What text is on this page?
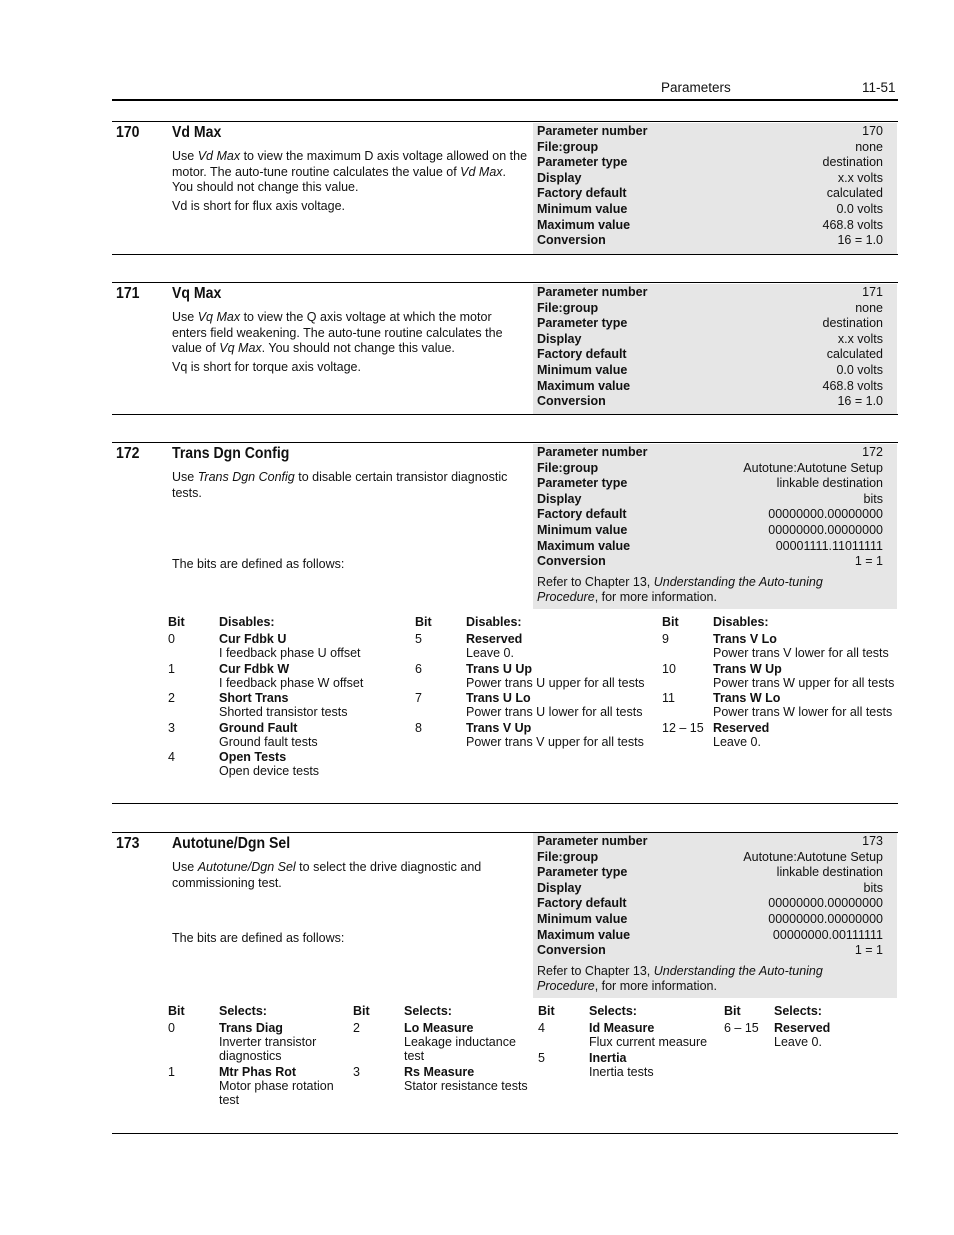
Parameters	11-51
170 Vd Max

Use Vd Max to view the maximum D axis voltage allowed on the motor. The auto-tune routine calculates the value of Vd Max. You should not change this value.

Vd is short for flux axis voltage.

Parameter number	170
File:group	none
Parameter type	destination
Display	x.x volts
Factory default	calculated
Minimum value	0.0 volts
Maximum value	468.8 volts
Conversion	16 = 1.0
171 Vq Max

Use Vq Max to view the Q axis voltage at which the motor enters field weakening. The auto-tune routine calculates the value of Vq Max. You should not change this value.

Vq is short for torque axis voltage.

Parameter number	171
File:group	none
Parameter type	destination
Display	x.x volts
Factory default	calculated
Minimum value	0.0 volts
Maximum value	468.8 volts
Conversion	16 = 1.0
172 Trans Dgn Config

Use Trans Dgn Config to disable certain transistor diagnostic tests.

The bits are defined as follows:
Parameter number	172
File:group	Autotune:Autotune Setup
Parameter type	linkable destination
Display	bits
Factory default	00000000.00000000
Minimum value	00000000.00000000
Maximum value	00001111.11011111
Conversion	1 = 1
Refer to Chapter 13, Understanding the Auto-tuning Procedure, for more information.
Bit	Disables:
0	Cur Fdbk U
I feedback phase U offset
1	Cur Fdbk W
I feedback phase W offset
2	Short Trans
Shorted transistor tests
3	Ground Fault
Ground fault tests
4	Open Tests
Open device tests
Bit	Disables:
5	Reserved
Leave 0.
6	Trans U Up
Power trans U upper for all tests
7	Trans U Lo
Power trans U lower for all tests
8	Trans V Up
Power trans V upper for all tests
Bit	Disables:
9	Trans V Lo
Power trans V lower for all tests
10	Trans W Up
Power trans W upper for all tests
11	Trans W Lo
Power trans W lower for all tests
12 – 15 Reserved
Leave 0.
173 Autotune/Dgn Sel

Use Autotune/Dgn Sel to select the drive diagnostic and commissioning test.

The bits are defined as follows:
Parameter number	173
File:group	Autotune:Autotune Setup
Parameter type	linkable destination
Display	bits
Factory default	00000000.00000000
Minimum value	00000000.00000000
Maximum value	00000000.00111111
Conversion	1 = 1
Refer to Chapter 13, Understanding the Auto-tuning Procedure, for more information.
Bit	Selects:
0	Trans Diag
Inverter transistor diagnostics
1	Mtr Phas Rot
Motor phase rotation test
Bit	Selects:
2	Lo Measure
Leakage inductance test
3	Rs Measure
Stator resistance tests
Bit	Selects:
4	Id Measure
Flux current measure
5	Inertia
Inertia tests
Bit	Selects:
6 – 15 Reserved
Leave 0.
